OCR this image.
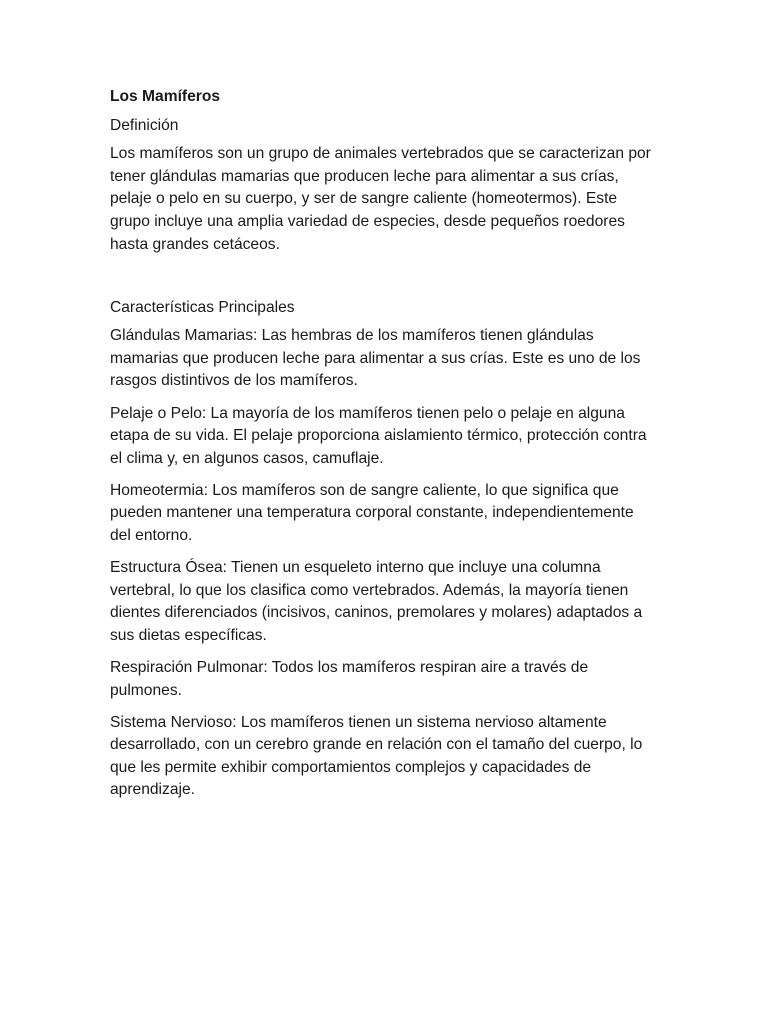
Los Mamíferos

Definición

Los mamíferos son un grupo de animales vertebrados que se caracterizan por tener glándulas mamarias que producen leche para alimentar a sus crías, pelaje o pelo en su cuerpo, y ser de sangre caliente (homeotermos). Este grupo incluye una amplia variedad de especies, desde pequeños roedores hasta grandes cetáceos.

Características Principales

Glándulas Mamarias: Las hembras de los mamíferos tienen glándulas mamarias que producen leche para alimentar a sus crías. Este es uno de los rasgos distintivos de los mamíferos.

Pelaje o Pelo: La mayoría de los mamíferos tienen pelo o pelaje en alguna etapa de su vida. El pelaje proporciona aislamiento térmico, protección contra el clima y, en algunos casos, camuflaje.

Homeotermia: Los mamíferos son de sangre caliente, lo que significa que pueden mantener una temperatura corporal constante, independientemente del entorno.

Estructura Ósea: Tienen un esqueleto interno que incluye una columna vertebral, lo que los clasifica como vertebrados. Además, la mayoría tienen dientes diferenciados (incisivos, caninos, premolares y molares) adaptados a sus dietas específicas.

Respiración Pulmonar: Todos los mamíferos respiran aire a través de pulmones.

Sistema Nervioso: Los mamíferos tienen un sistema nervioso altamente desarrollado, con un cerebro grande en relación con el tamaño del cuerpo, lo que les permite exhibir comportamientos complejos y capacidades de aprendizaje.
